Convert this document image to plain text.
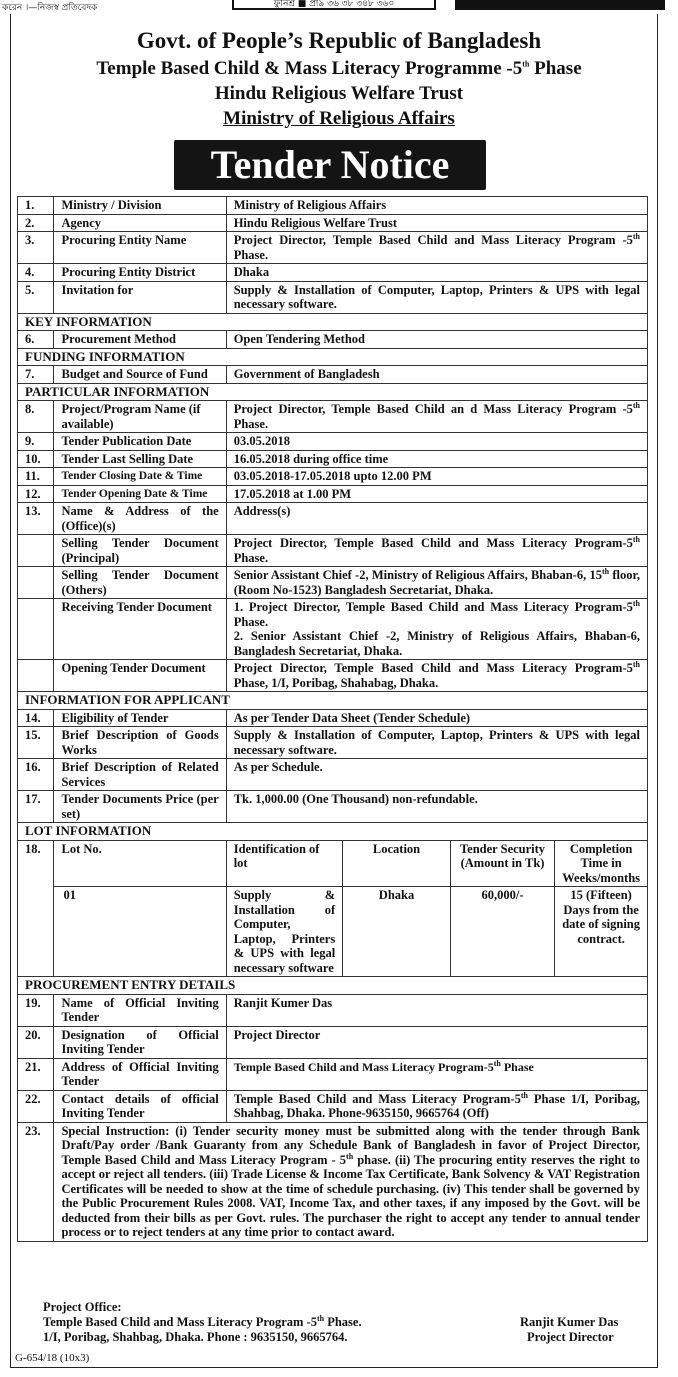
করেন ।—নিজস্ব প্রতিবেদক	ফুনিশ্র ■ প্রা৯ ৩৬ ৩৮ ৩৪৮ ৩৬০
Govt. of People’s Republic of Bangladesh
Temple Based Child & Mass Literacy Programme -5th Phase
Hindu Religious Welfare Trust
Ministry of Religious Affairs
Tender Notice
1.	Ministry / Division	Ministry of Religious Affairs			
2.	Agency	Hindu Religious Welfare Trust			
3.	Procuring Entity Name	Project Director, Temple Based Child and Mass Literacy Program -5th Phase.			
4.	Procuring Entity District	Dhaka			
5.	Invitation for	Supply & Installation of Computer, Laptop, Printers & UPS with legal necessary software.			
KEY INFORMATION					
6.	Procurement Method	Open Tendering Method			
FUNDING INFORMATION					
7.	Budget and Source of Fund	Government of Bangladesh			
PARTICULAR INFORMATION					
8.	Project/Program Name (if available)	Project Director, Temple Based Child an d Mass Literacy Program -5th Phase.			
9.	Tender Publication Date	03.05.2018			
10.	Tender Last Selling Date	16.05.2018 during office time			
11.	Tender Closing Date & Time	03.05.2018-17.05.2018 upto 12.00 PM			
12.	Tender Opening Date & Time	17.05.2018 at 1.00 PM			
13.	Name & Address of the (Office)(s)	Address(s)			
	Selling Tender Document (Principal)	Project Director, Temple Based Child and Mass Literacy Program-5th Phase.			
	Selling Tender Document (Others)	Senior Assistant Chief -2, Ministry of Religious Affairs, Bhaban-6, 15th floor, (Room No-1523) Bangladesh Secretariat, Dhaka.			
	Receiving Tender Document	1. Project Director, Temple Based Child and Mass Literacy Program-5th Phase.
2. Senior Assistant Chief -2, Ministry of Religious Affairs, Bhaban-6, Bangladesh Secretariat, Dhaka.			
	Opening Tender Document	Project Director, Temple Based Child and Mass Literacy Program-5th Phase, 1/I, Poribag, Shahabag, Dhaka.			
INFORMATION FOR APPLICANT					
14.	Eligibility of Tender	As per Tender Data Sheet (Tender Schedule)			
15.	Brief Description of Goods Works	Supply & Installation of Computer, Laptop, Printers & UPS with legal necessary software.			
16.	Brief Description of Related Services	As per Schedule.			
17.	Tender Documents Price (per set)	Tk. 1,000.00 (One Thousand) non-refundable.			
LOT INFORMATION					
18.	Lot No.	Identification of lot	Location	Tender Security (Amount in Tk)	Completion Time in Weeks/months
	01	Supply & Installation of Computer, Laptop, Printers & UPS with legal necessary software	Dhaka	60,000/-	15 (Fifteen) Days from the date of signing contract.
PROCUREMENT ENTRY DETAILS					
19.	Name of Official Inviting Tender	Ranjit Kumer Das			
20.	Designation of Official Inviting Tender	Project Director			
21.	Address of Official Inviting Tender	Temple Based Child and Mass Literacy Program-5th Phase			
22.	Contact details of official Inviting Tender	Temple Based Child and Mass Literacy Program-5th Phase 1/I, Poribag, Shahbag, Dhaka. Phone-9635150, 9665764 (Off)			
23.	Special Instruction: (i) Tender security money must be submitted along with the tender through Bank Draft/Pay order /Bank Guaranty from any Schedule Bank of Bangladesh in favor of Project Director, Temple Based Child and Mass Literacy Program - 5th phase. (ii) The procuring entity reserves the right to accept or reject all tenders. (iii) Trade License & Income Tax Certificate, Bank Solvency & VAT Registration Certificates will be needed to show at the time of schedule purchasing. (iv) This tender shall be governed by the Public Procurement Rules 2008. VAT, Income Tax, and other taxes, if any imposed by the Govt. will be deducted from their bills as per Govt. rules. The purchaser the right to accept any tender to annual tender process or to reject tenders at any time prior to contact award.				
Project Office:
Temple Based Child and Mass Literacy Program -5th Phase.
1/I, Poribag, Shahbag, Dhaka. Phone : 9635150, 9665764.
Ranjit Kumer Das
Project Director
G-654/18 (10x3)
